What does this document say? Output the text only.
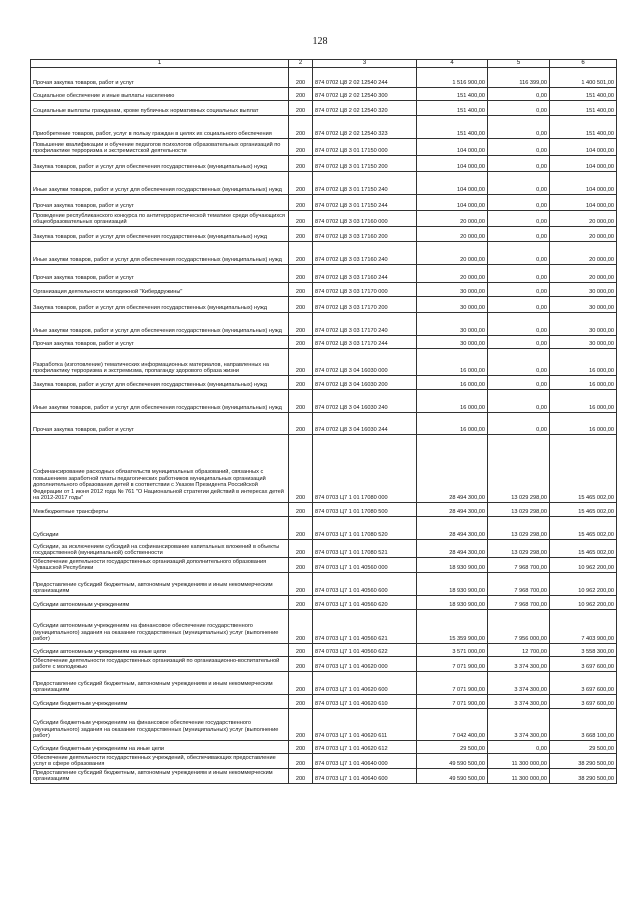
128
1	2	3	4	5	6

Прочая закупка товаров, работ и услуг	200	874 0702 Ц8 2 02 12540 244	1 516 900,00	116 399,00	1 400 501,00

Социальное обеспечение и иные выплаты населению	200	874 0702 Ц8 2 02 12540 300	151 400,00	0,00	151 400,00

Социальные выплаты гражданам, кроме публичных нормативных социальных выплат	200	874 0702 Ц8 2 02 12540 320	151 400,00	0,00	151 400,00

Приобретение товаров, работ, услуг в пользу граждан в целях их социального обеспечения	200	874 0702 Ц8 2 02 12540 323	151 400,00	0,00	151 400,00

Повышение квалификации и обучение педагогов психологов образовательных организаций по профилактике терроризма и экстремистской деятельности	200	874 0702 Ц8 3 01 17150 000	104 000,00	0,00	104 000,00

Закупка товаров, работ и услуг для обеспечения государственных (муниципальных) нужд	200	874 0702 Ц8 3 01 17150 200	104 000,00	0,00	104 000,00

Иные закупки товаров, работ и услуг для обеспечения государственных (муниципальных) нужд	200	874 0702 Ц8 3 01 17150 240	104 000,00	0,00	104 000,00

Прочая закупка товаров, работ и услуг	200	874 0702 Ц8 3 01 17150 244	104 000,00	0,00	104 000,00

Проведение республиканского конкурса по антитеррористической тематике среди обучающихся общеобразовательных организаций	200	874 0702 Ц8 3 03 17160 000	20 000,00	0,00	20 000,00

Закупка товаров, работ и услуг для обеспечения государственных (муниципальных) нужд	200	874 0702 Ц8 3 03 17160 200	20 000,00	0,00	20 000,00

Иные закупки товаров, работ и услуг для обеспечения государственных (муниципальных) нужд	200	874 0702 Ц8 3 03 17160 240	20 000,00	0,00	20 000,00

Прочая закупка товаров, работ и услуг	200	874 0702 Ц8 3 03 17160 244	20 000,00	0,00	20 000,00

Организация деятельности молодежной "Кибердружины"	200	874 0702 Ц8 3 03 17170 000	30 000,00	0,00	30 000,00

Закупка товаров, работ и услуг для обеспечения государственных (муниципальных) нужд	200	874 0702 Ц8 3 03 17170 200	30 000,00	0,00	30 000,00

Иные закупки товаров, работ и услуг для обеспечения государственных (муниципальных) нужд	200	874 0702 Ц8 3 03 17170 240	30 000,00	0,00	30 000,00

Прочая закупка товаров, работ и услуг	200	874 0702 Ц8 3 03 17170 244	30 000,00	0,00	30 000,00

Разработка (изготовление) тематических информационных материалов, направленных на профилактику терроризма и экстремизма, пропаганду здорового образа жизни	200	874 0702 Ц8 3 04 16030 000	16 000,00	0,00	16 000,00

Закупка товаров, работ и услуг для обеспечения государственных (муниципальных) нужд	200	874 0702 Ц8 3 04 16030 200	16 000,00	0,00	16 000,00

Иные закупки товаров, работ и услуг для обеспечения государственных (муниципальных) нужд	200	874 0702 Ц8 3 04 16030 240	16 000,00	0,00	16 000,00

Прочая закупка товаров, работ и услуг	200	874 0702 Ц8 3 04 16030 244	16 000,00	0,00	16 000,00

Софинансирование расходных обязательств муниципальных образований, связанных с повышением заработной платы педагогических работников муниципальных организаций дополнительного образования детей в соответствии с Указом Президента Российской Федерации от 1 июня 2012 года № 761 "О Национальной стратегии действий в интересах детей на 2012-2017 годы"	200	874 0703 Ц7 1 01 17080 000	28 494 300,00	13 029 298,00	15 465 002,00

Межбюджетные трансферты	200	874 0703 Ц7 1 01 17080 500	28 494 300,00	13 029 298,00	15 465 002,00

Субсидии	200	874 0703 Ц7 1 01 17080 520	28 494 300,00	13 029 298,00	15 465 002,00

Субсидии, за исключением субсидий на софинансирование капитальных вложений в объекты государственной (муниципальной) собственности	200	874 0703 Ц7 1 01 17080 521	28 494 300,00	13 029 298,00	15 465 002,00

Обеспечение деятельности государственных организаций дополнительного образования Чувашской Республики	200	874 0703 Ц7 1 01 40560 000	18 930 900,00	7 968 700,00	10 962 200,00

Предоставление субсидий бюджетным, автономным учреждениям и иным некоммерческим организациям	200	874 0703 Ц7 1 01 40560 600	18 930 900,00	7 968 700,00	10 962 200,00

Субсидии автономным учреждениям	200	874 0703 Ц7 1 01 40560 620	18 930 900,00	7 968 700,00	10 962 200,00

Субсидии автономным учреждениям на финансовое обеспечение государственного (муниципального) задания на оказание государственных (муниципальных) услуг (выполнение работ)	200	874 0703 Ц7 1 01 40560 621	15 359 900,00	7 956 000,00	7 403 900,00

Субсидии автономным учреждениям на иные цели	200	874 0703 Ц7 1 01 40560 622	3 571 000,00	12 700,00	3 558 300,00

Обеспечение деятельности государственных организаций по организационно-воспитательной работе с молодежью	200	874 0703 Ц7 1 01 40620 000	7 071 900,00	3 374 300,00	3 697 600,00

Предоставление субсидий бюджетным, автономным учреждениям и иным некоммерческим организациям	200	874 0703 Ц7 1 01 40620 600	7 071 900,00	3 374 300,00	3 697 600,00

Субсидии бюджетным учреждениям	200	874 0703 Ц7 1 01 40620 610	7 071 900,00	3 374 300,00	3 697 600,00

Субсидии бюджетным учреждениям на финансовое обеспечение государственного (муниципального) задания на оказание государственных (муниципальных) услуг (выполнение работ)	200	874 0703 Ц7 1 01 40620 611	7 042 400,00	3 374 300,00	3 668 100,00

Субсидии бюджетным учреждениям на иные цели	200	874 0703 Ц7 1 01 40620 612	29 500,00	0,00	29 500,00

Обеспечение деятельности государственных учреждений, обеспечивающих предоставление услуг в сфере образования	200	874 0703 Ц7 1 01 40640 000	49 590 500,00	11 300 000,00	38 290 500,00

Предоставление субсидий бюджетным, автономным учреждениям и иным некоммерческим организациям	200	874 0703 Ц7 1 01 40640 600	49 590 500,00	11 300 000,00	38 290 500,00
